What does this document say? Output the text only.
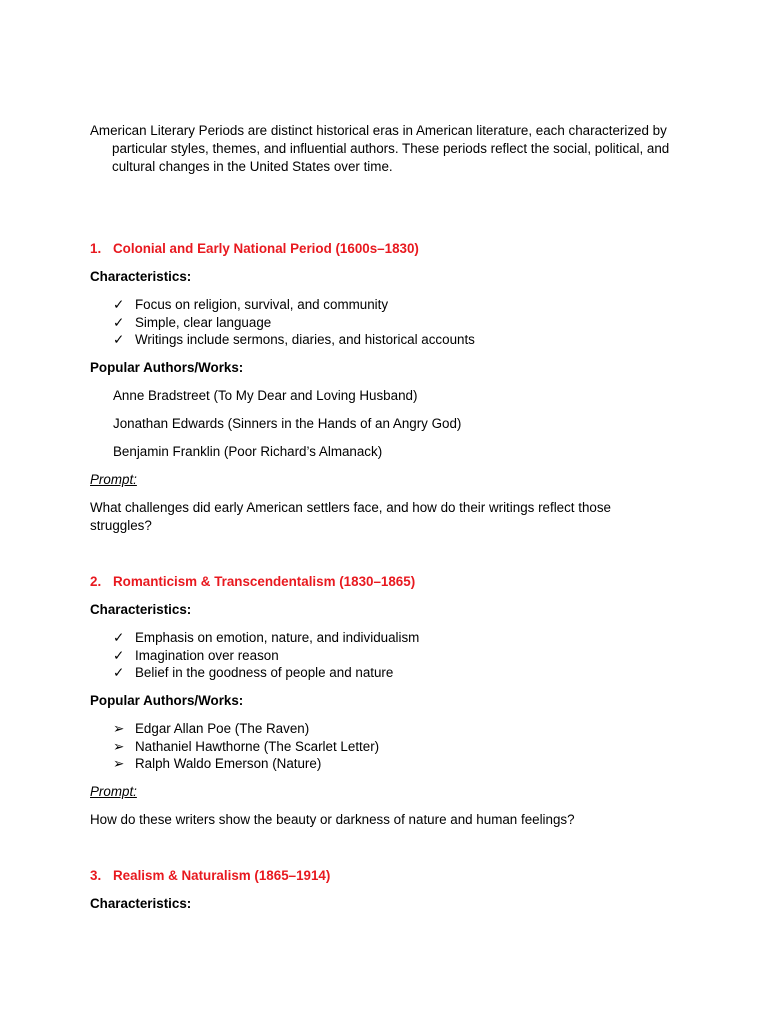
American Literary Periods are distinct historical eras in American literature, each characterized by particular styles, themes, and influential authors. These periods reflect the social, political, and cultural changes in the United States over time.

1. Colonial and Early National Period (1600s–1830)
Characteristics:
✓ Focus on religion, survival, and community
✓ Simple, clear language
✓ Writings include sermons, diaries, and historical accounts
Popular Authors/Works:
Anne Bradstreet (To My Dear and Loving Husband)
Jonathan Edwards (Sinners in the Hands of an Angry God)
Benjamin Franklin (Poor Richard’s Almanack)
Prompt:
What challenges did early American settlers face, and how do their writings reflect those
struggles?
2. Romanticism & Transcendentalism (1830–1865)
Characteristics:
✓ Emphasis on emotion, nature, and individualism
✓ Imagination over reason
✓ Belief in the goodness of people and nature
Popular Authors/Works:
➢ Edgar Allan Poe (The Raven)
➢ Nathaniel Hawthorne (The Scarlet Letter)
➢ Ralph Waldo Emerson (Nature)
Prompt:
How do these writers show the beauty or darkness of nature and human feelings?
3. Realism & Naturalism (1865–1914)
Characteristics:
